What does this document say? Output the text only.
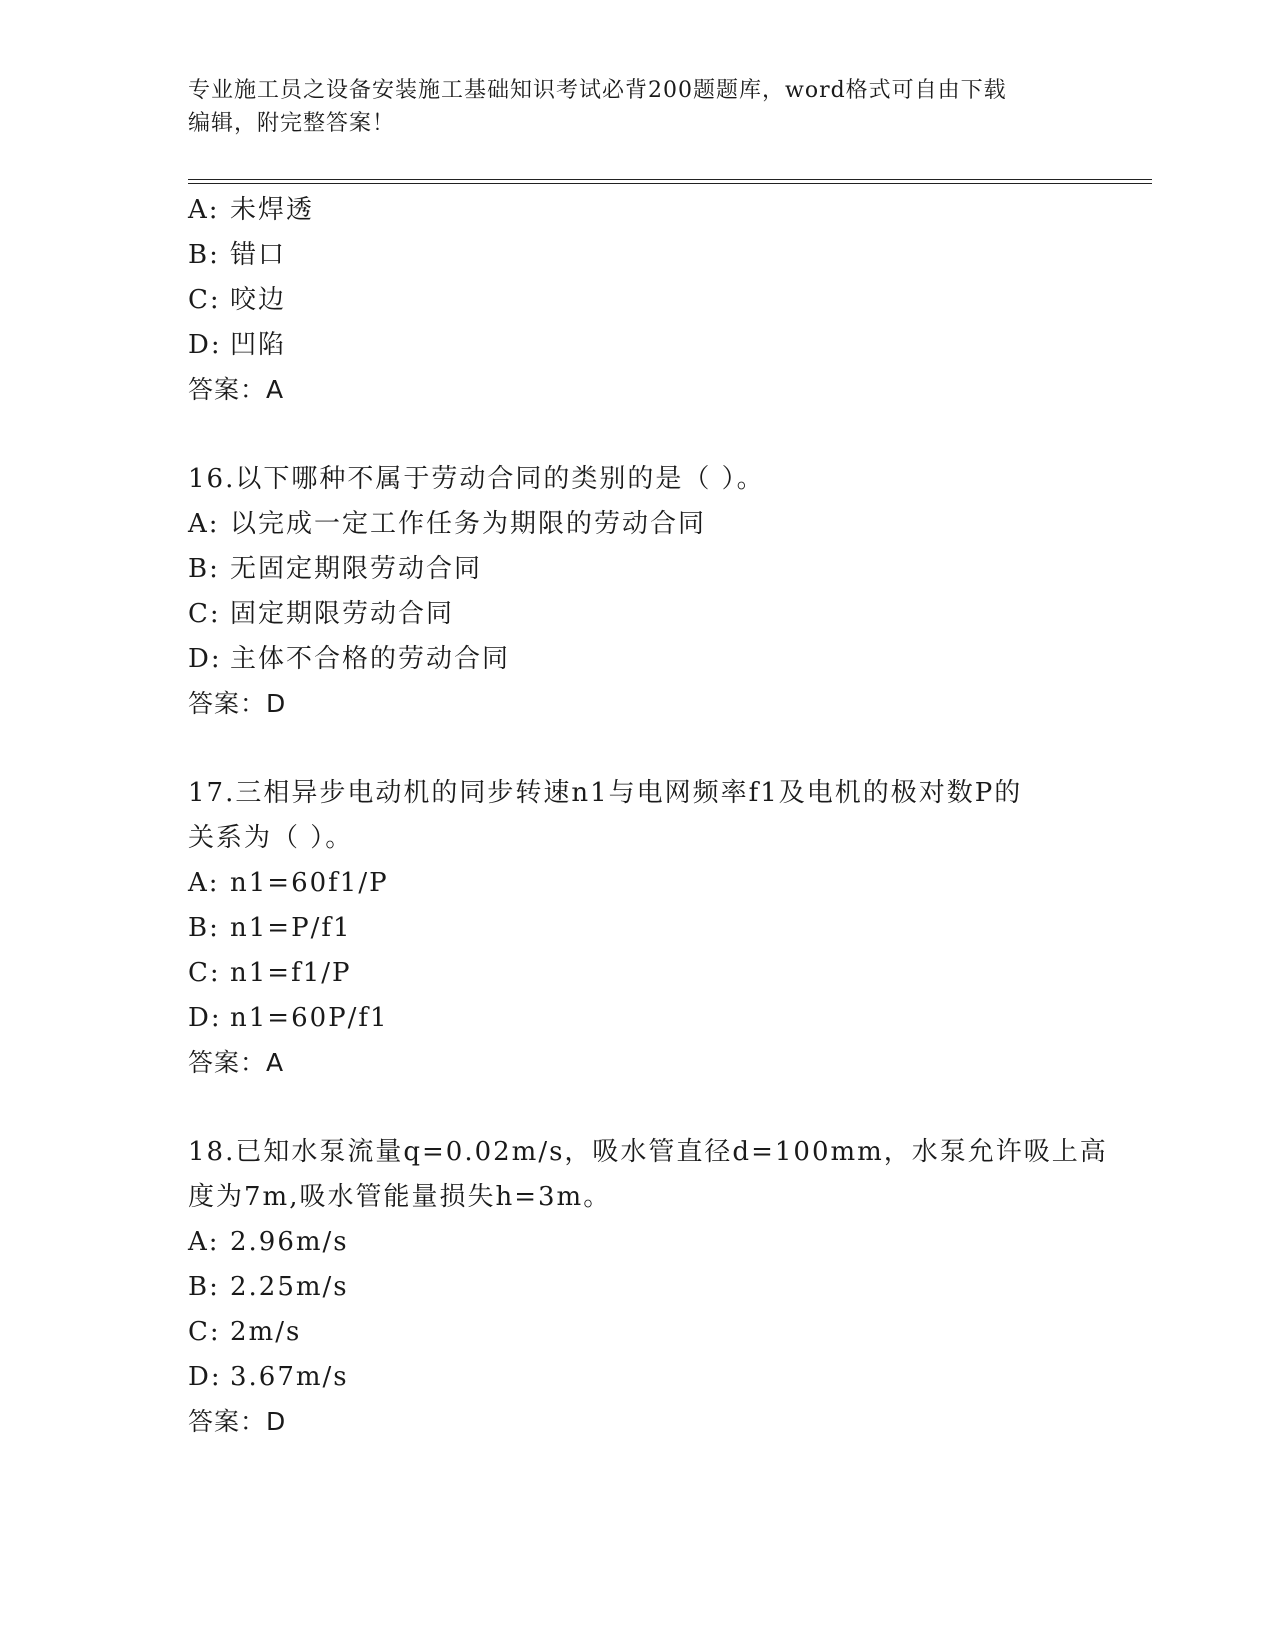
专业施工员之设备安装施工基础知识考试必背200题题库，word格式可自由下载
编辑，附完整答案！
A: 未焊透
B: 错口
C: 咬边
D: 凹陷
答案：A
16.以下哪种不属于劳动合同的类别的是（ ）。
A: 以完成一定工作任务为期限的劳动合同
B: 无固定期限劳动合同
C: 固定期限劳动合同
D: 主体不合格的劳动合同
答案：D
17.三相异步电动机的同步转速n1与电网频率f1及电机的极对数P的
关系为（ ）。
A: n1=60f1/P
B: n1=P/f1
C: n1=f1/P
D: n1=60P/f1
答案：A
18.已知水泵流量q=0.02m/s，吸水管直径d=100mm，水泵允许吸上高
度为7m,吸水管能量损失h=3m。
A: 2.96m/s
B: 2.25m/s
C: 2m/s
D: 3.67m/s
答案：D
